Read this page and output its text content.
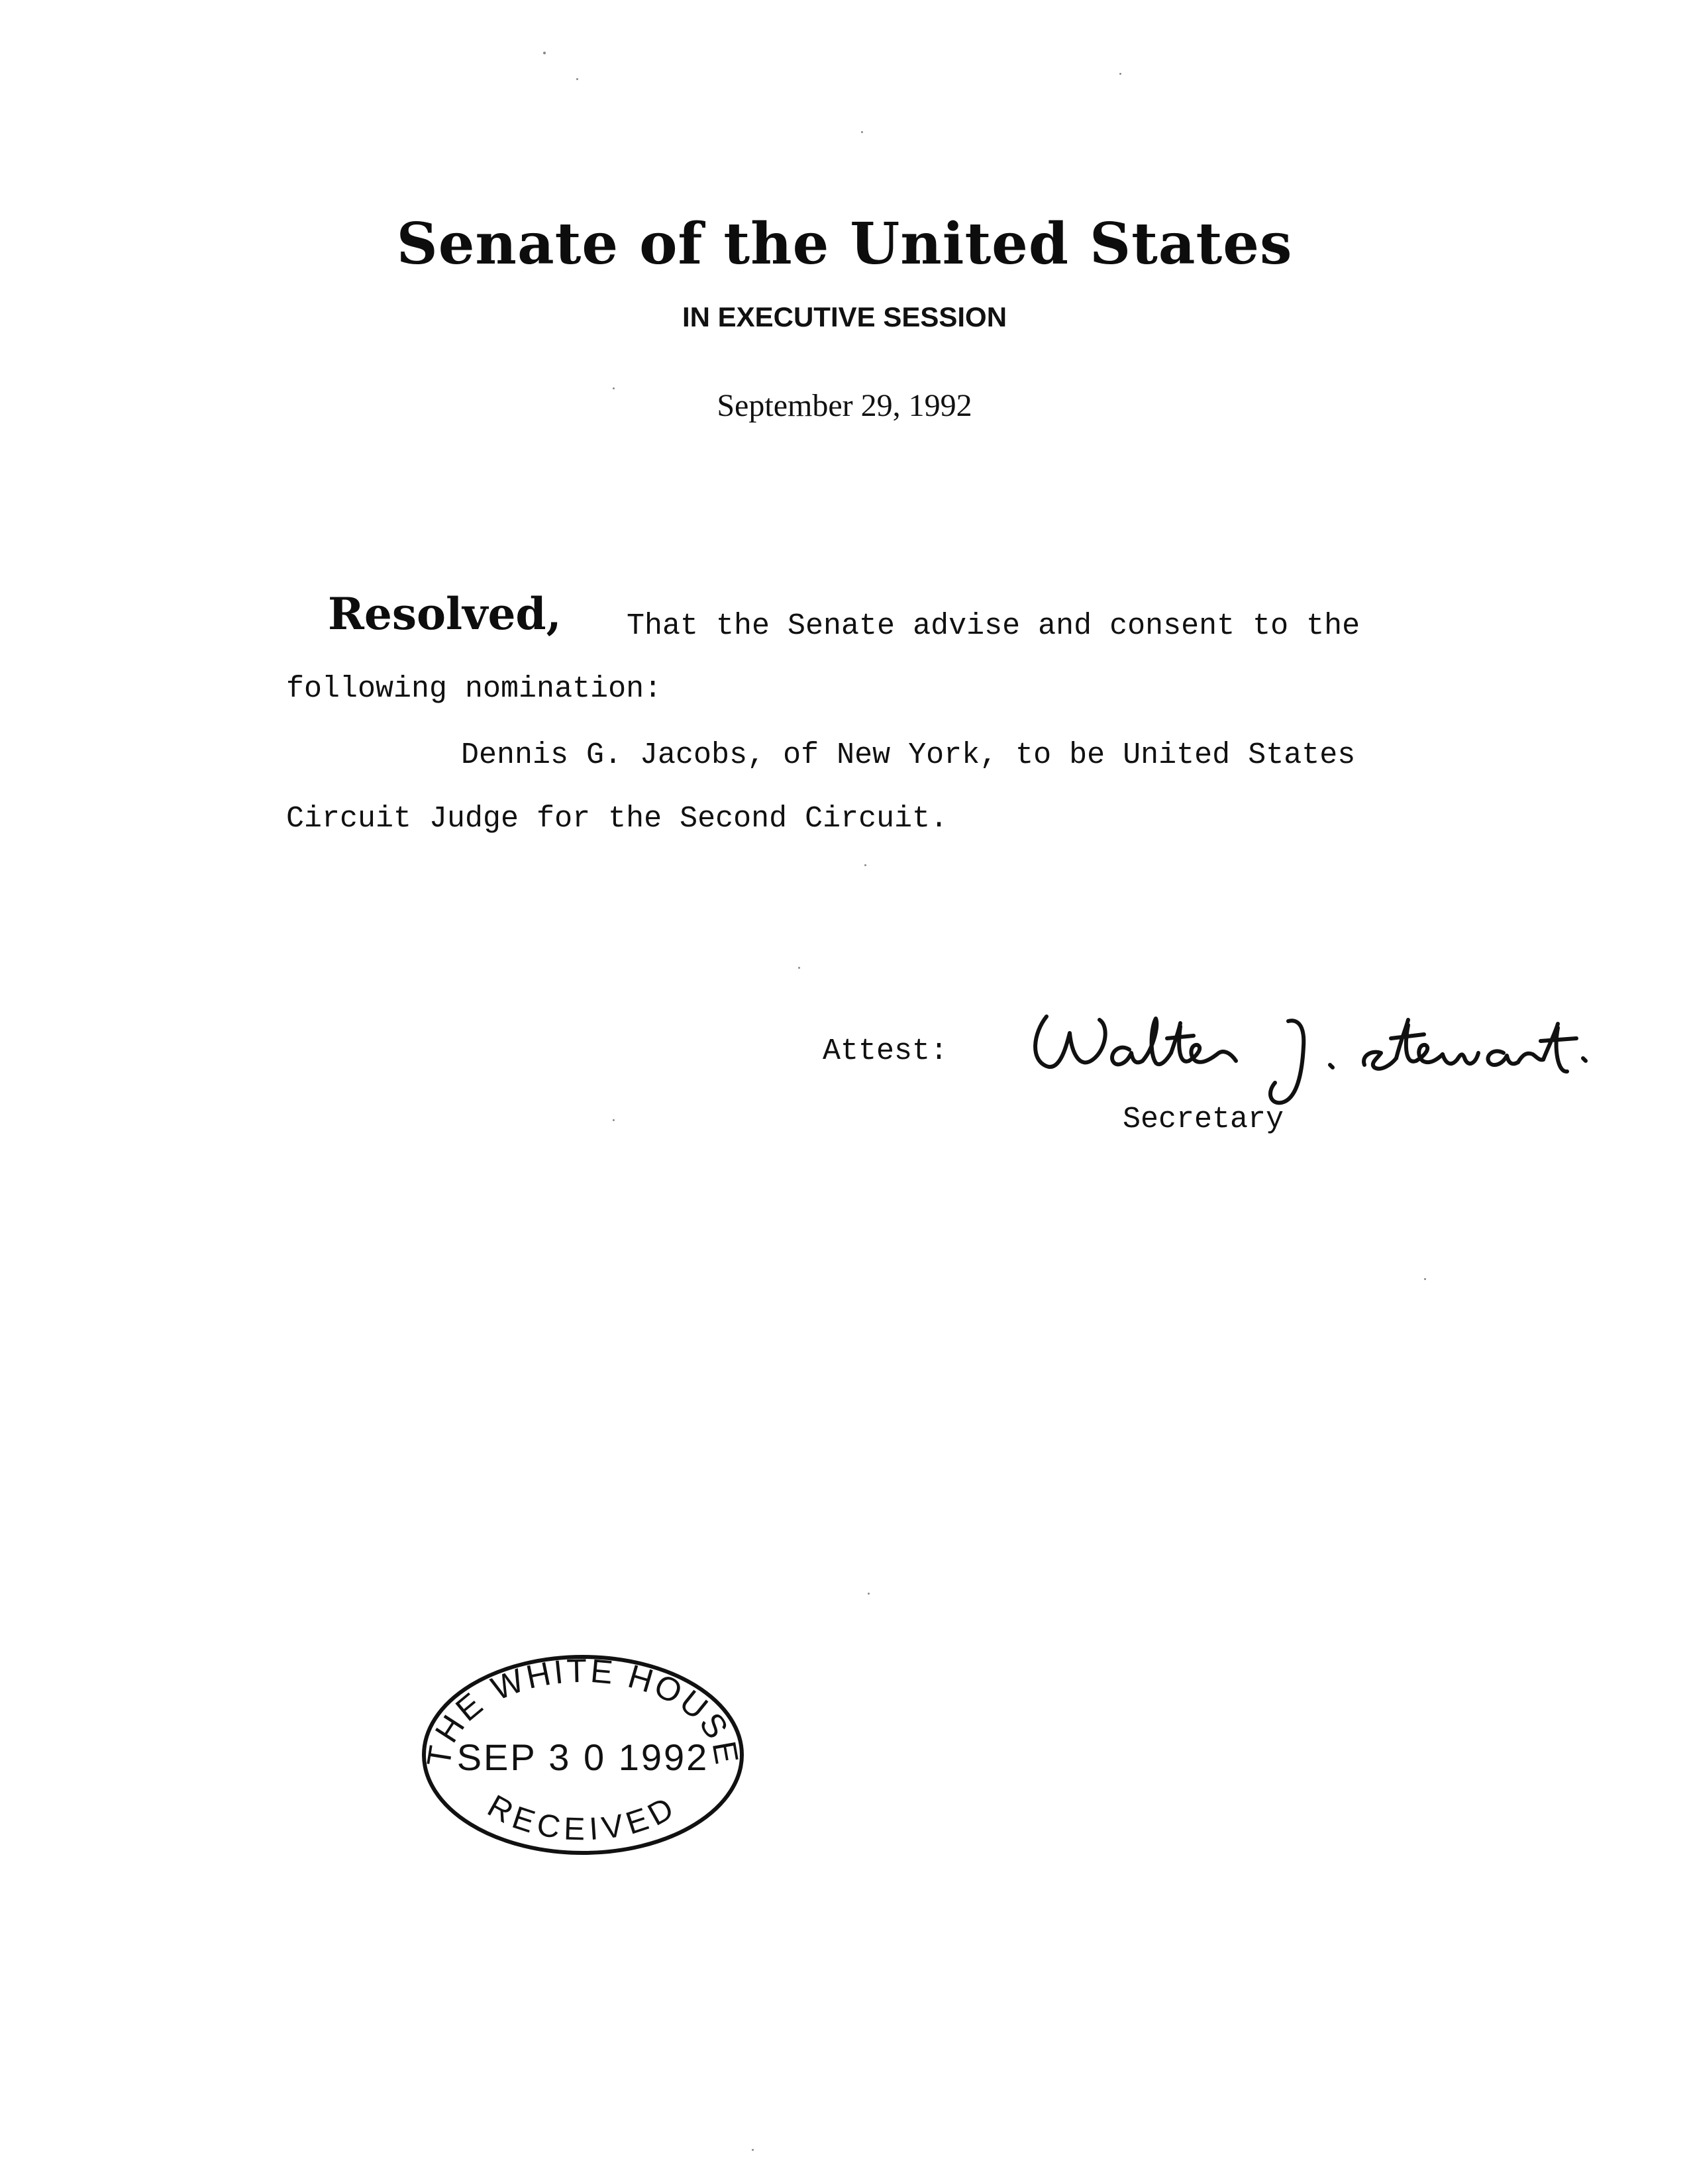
Senate of the United States
IN EXECUTIVE SESSION
September 29, 1992
Resolved, That the Senate advise and consent to the
following nomination:
Dennis G. Jacobs, of New York, to be United States
Circuit Judge for the Second Circuit.
Attest:
Walter J. Stewart
Secretary
THE WHITE HOUSE
SEP 3 0 1992
RECEIVED
